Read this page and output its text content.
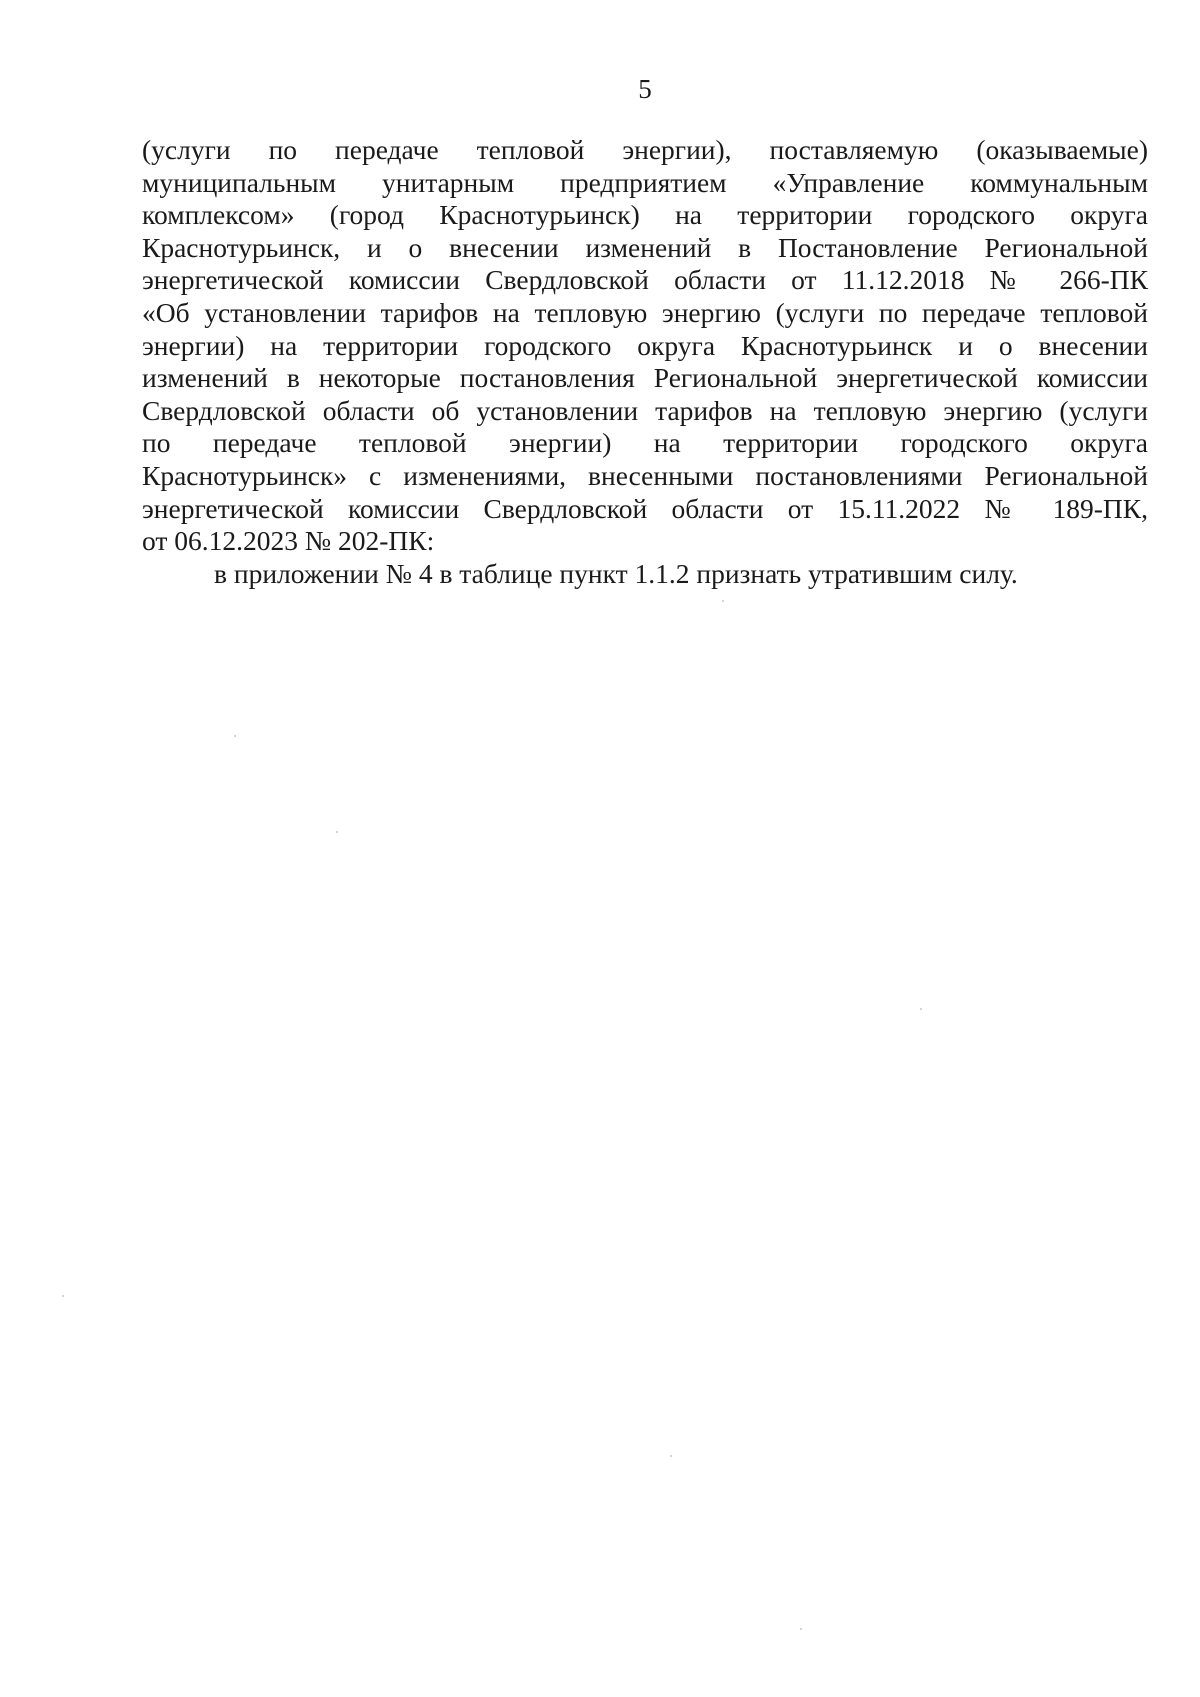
5
(услуги по передаче тепловой энергии), поставляемую (оказываемые)
муниципальным унитарным предприятием «Управление коммунальным
комплексом» (город Краснотурьинск) на территории городского округа
Краснотурьинск, и о внесении изменений в Постановление Региональной
энергетической комиссии Свердловской области от 11.12.2018 № 266-ПК
«Об установлении тарифов на тепловую энергию (услуги по передаче тепловой
энергии) на территории городского округа Краснотурьинск и о внесении
изменений в некоторые постановления Региональной энергетической комиссии
Свердловской области об установлении тарифов на тепловую энергию (услуги
по передаче тепловой энергии) на территории городского округа
Краснотурьинск» с изменениями, внесенными постановлениями Региональной
энергетической комиссии Свердловской области от 15.11.2022 № 189-ПК,
от 06.12.2023 № 202-ПК:
в приложении № 4 в таблице пункт 1.1.2 признать утратившим силу.
